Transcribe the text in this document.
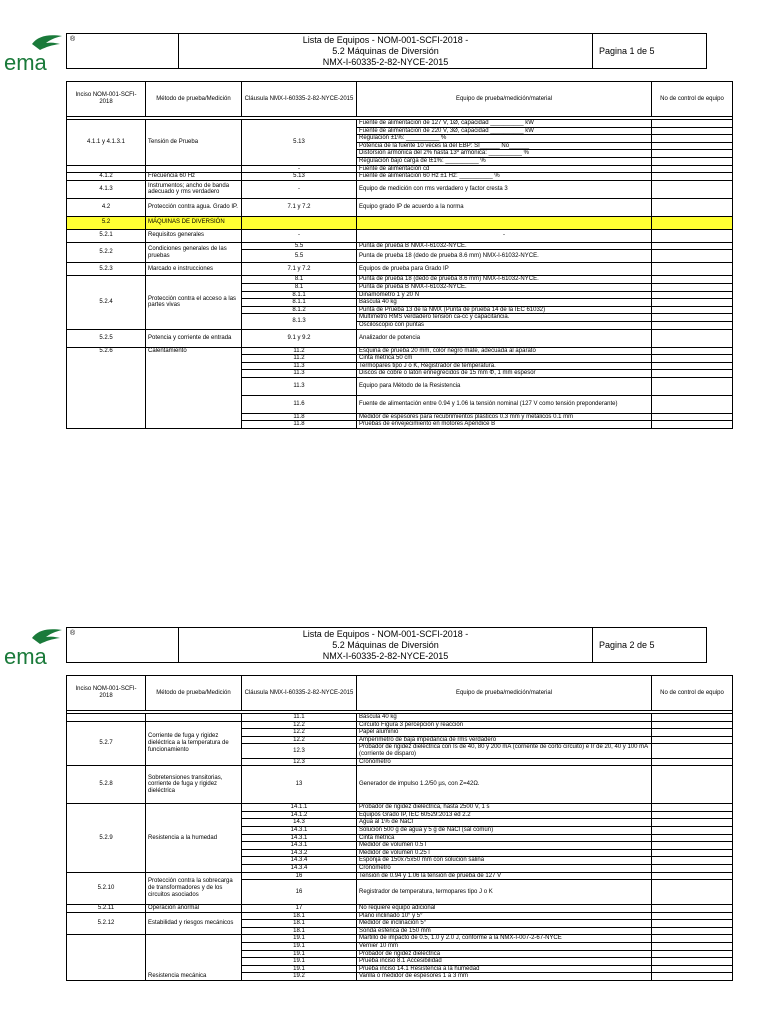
ema
®	Lista de Equipos - NOM-001-SCFI-2018 -
5.2 Máquinas de Diversión
NMX-I-60335-2-82-NYCE-2015
Pagina 1 de 5
Inciso NOM-001-SCFI-2018	Método de prueba/Medición	Cláusula NMX-I-60335-2-82-NYCE-2015	Equipo de prueba/medición/material	No de control de equipo

4.1.1 y 4.1.3.1	Tensión de Prueba	5.13	Fuente de alimentación de 127 V, 1Ø, capacidad __________ kW	
			Fuente de alimentación de 220 V, 3Ø, capacidad __________ kW	
			Regulación ±1%: __________ %	
			Potencia de la fuente 10 veces la del EBP: SI______ No______	
			Distorsión armónica del 2% hasta 13º armónica: __________ %	
			Regulación bajo carga de l±1%: __________ %	
		-	Fuente de alimentación cd	
4.1.2	Frecuencia 60 Hz	5.13	Fuente de alimentación 60 Hz ±1 Hz: __________ %	
4.1.3	Instrumentos; ancho de banda adecuado y rms verdadero	-	Equipo de medición con rms verdadero y factor cresta 3	
4.2	Protección contra agua. Grado IP.	7.1 y 7.2	Equipo grado IP de acuerdo a la norma	
5.2	MÁQUINAS DE DIVERSIÓN			
5.2.1	Requisitos generales	-	-	
5.2.2	Condiciones generales de las pruebas	5.5	Punta de prueba B NMX-I-61032-NYCE.	
		5.5	Punta de prueba 18 (dedo de prueba 8.6 mm) NMX-I-61032-NYCE.	
5.2.3	Marcado e instrucciones	7.1 y 7.2	Equipos de prueba para Grado IP	
5.2.4	Protección contra el acceso a las partes vivas	8.1	Punta de prueba 18 (dedo de prueba 8.6 mm) NMX-I-61032-NYCE.	
		8.1	Punta de prueba B NMX-I-61032-NYCE.	
		8.1.1	Dinamómetro 1 y 20 N	
		8.1.1	Báscula 40 kg	
		8.1.2	Punta de Prueba 13 de la NMX (Punta de prueba 14 de la IEC 61032)	
		8.1.3	Multímetro RMS verdadero tensión ca-cc y capacitancia.	
			Osciloscopio con puntas	
5.2.5	Potencia y corriente de entrada	9.1 y 9.2	Analizador de potencia	
5.2.6	Calentamiento	11.2	Esquina de prueba 20 mm, color negro mate, adecuada al aparato	
		11.2	Cinta métrica 50 cm	
		11.3	Termopares tipo J o K, Registrador de temperatura.	
		11.3	Discos de cobre o latón ennegrecidos de 15 mm Φ, 1 mm espesor	
		11.3	Equipo para Método de la Resistencia	
		11.6	Fuente de alimentación entre 0.94 y 1.06 la tensión nominal (127 V como tensión preponderante)	
		11.8	Medidor de espesores para recubrimientos plásticos 0.3 mm y metálicos 0.1 mm	
		11.8	Pruebas de envejecimiento en motores Apéndice B	
ema
®	Lista de Equipos - NOM-001-SCFI-2018 -
5.2 Máquinas de Diversión
NMX-I-60335-2-82-NYCE-2015
Pagina 2 de 5
Inciso NOM-001-SCFI-2018	Método de prueba/Medición	Cláusula NMX-I-60335-2-82-NYCE-2015	Equipo de prueba/medición/material	No de control de equipo

		11.1	Báscula 40 kg	
5.2.7	Corriente de fuga y rigidez dieléctrica a la temperatura de funcionamiento	12.2	Circuito Figura 3 percepción y reacción	
		12.2	Papel aluminio	
		12.2	Amperímetro de baja impedancia de rms verdadero	
		12.3	Probador de rigidez dieléctrica con Is de 40, 80 y 200 mA (corriente de corto circuito) e Ir de 20, 40 y 100 mA (corriente de disparo)	
		12.3	Cronómetro	
5.2.8	Sobretensiones transitorias, corriente de fuga y rigidez dieléctrica	13	Generador de impulso 1.2/50 µs, con Z=42Ω.	
5.2.9	Resistencia a la humedad	14.1.1	Probador de rigidez dieléctrica, hasta 2500 V, 1 s	
		14.1.2	Equipos Grado IP, IEC 60529:2013 ed 2.2	
		14.3	Agua al 1% de NaCl	
		14.3.1	Solución 500 g de agua y 5 g de NaCl (sal común)	
		14.3.1	Cinta métrica	
		14.3.1	Medidor de volumen 0.5 l	
		14.3.2	Medidor de volumen 0.25 l	
		14.3.4	Esponja de 150x75x50 mm con solución salina	
		14.3.4	Cronómetro	
5.2.10	Protección contra la sobrecarga de transformadores y de los circuitos asociados	16	Tensión de 0.94 y 1.06 la tensión de prueba de 127 V	
		16	Registrador de temperatura, termopares tipo J o K	
5.2.11	Operación anormal	17	No requiere equipo adicional	
5.2.12	Estabilidad y riesgos mecánicos	18.1	Plano inclinado 10° y 5°	
		18.1	Medidor de inclinación 5°	
		18.1	Sonda esférica de 150 mm	
	Resistencia mecánica	19.1	Martillo de impacto de 0.5, 1.0 y 2.0 J, conforme a la NMX-I-007-2-67-NYCE	
		19.1	Vernier 10 mm	
		19.1	Probador de rigidez dieléctrica	
		19.1	Prueba inciso 8.1 Accesibilidad	
		19.1	Prueba inciso 14.1 Resistencia a la humedad	
		19.2	Varilla o medidor de espesores 1 a 3 mm	
